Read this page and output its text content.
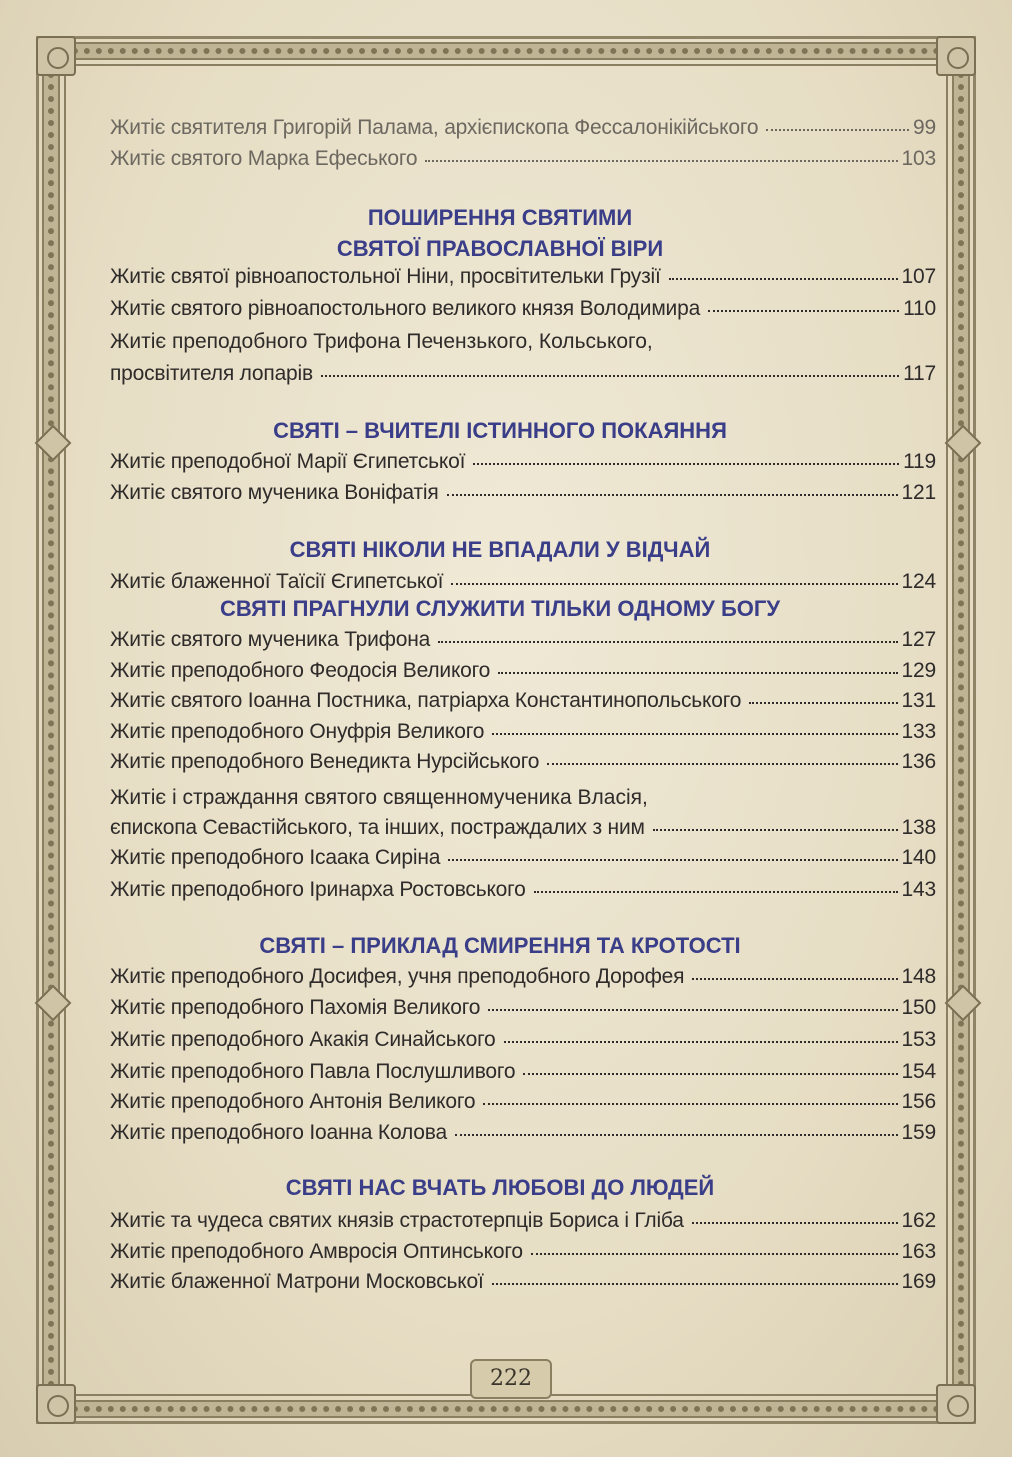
Житіє святителя Григорій Палама, архієпископа Фессалонікійського	99
Житіє святого Марка Ефеського	103
ПОШИРЕННЯ СВЯТИМИ
СВЯТОЇ ПРАВОСЛАВНОЇ ВІРИ
Житіє святої рівноапостольної Ніни, просвітительки Грузії	107
Житіє святого рівноапостольного великого князя Володимира	110
Житіє преподобного Трифона Печензького, Кольського,
просвітителя лопарів	117
СВЯТІ – ВЧИТЕЛІ ІСТИННОГО ПОКАЯННЯ
Житіє преподобної Марії Єгипетської	119
Житіє святого мученика Воніфатія	121
СВЯТІ НІКОЛИ НЕ ВПАДАЛИ У ВІДЧАЙ
Житіє блаженної Таїсії Єгипетської	124
СВЯТІ ПРАГНУЛИ СЛУЖИТИ ТІЛЬКИ ОДНОМУ БОГУ
Житіє святого мученика Трифона	127
Житіє преподобного Феодосія Великого	129
Житіє святого Іоанна Постника, патріарха Константинопольського	131
Житіє преподобного Онуфрія Великого	133
Житіє преподобного Венедикта Нурсійського	136
Житіє і страждання святого священномученика Власія,
єпископа Севастійського, та інших, постраждалих з ним	138
Житіє преподобного Ісаака Сиріна	140
Житіє преподобного Іринарха Ростовського	143
СВЯТІ – ПРИКЛАД СМИРЕННЯ ТА КРОТОСТІ
Житіє преподобного Досифея, учня преподобного Дорофея	148
Житіє преподобного Пахомія Великого	150
Житіє преподобного Акакія Синайського	153
Житіє преподобного Павла Послушливого	154
Житіє преподобного Антонія Великого	156
Житіє преподобного Іоанна Колова	159
СВЯТІ НАС ВЧАТЬ ЛЮБОВІ ДО ЛЮДЕЙ
Житіє та чудеса святих князів страстотерпців Бориса і Гліба	162
Житіє преподобного Амвросія Оптинського	163
Житіє блаженної Матрони Московської	169
222
